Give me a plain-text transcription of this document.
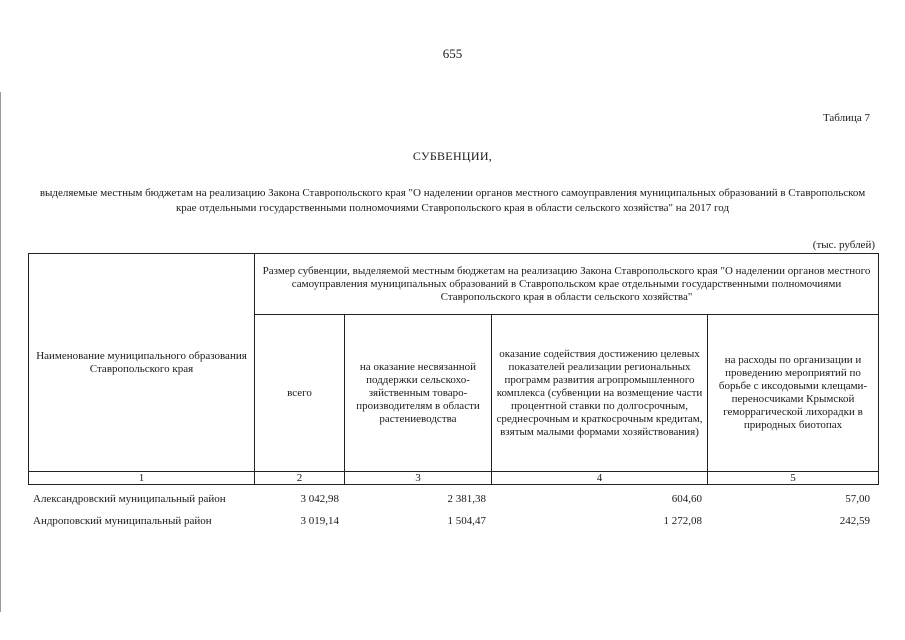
655
Таблица 7
СУБВЕНЦИИ,
выделяемые местным бюджетам на реализацию Закона Ставропольского края "О наделении органов местного самоуправления муниципальных образований в Ставропольском крае отдельными государственными полномочиями Ставропольского края в области сельского хозяйства" на 2017 год
(тыс. рублей)
Наименование муниципального образования Ставропольского края	Размер субвенции, выделяемой местным бюджетам на реализацию Закона Ставропольского края "О наделении органов местного самоуправления муниципальных образований в Ставропольском крае отдельными государственными полномочиями Ставропольского края в области сельского хозяйства"			
	всего	на оказание несвязанной поддержки сельскохо-зяйственным товаро-производителям в области растениеводства	оказание содействия достижению целевых показателей реализации региональных программ развития агропромышленного комплекса (субвенции на возмещение части процентной ставки по долгосрочным, среднесрочным и краткосрочным кредитам, взятым малыми формами хозяйствования)	на расходы по организации и проведению мероприятий по борьбе с иксодовыми клещами-переносчиками Крымской геморрагической лихорадки в природных биотопах
1	2	3	4	5
Александровский муниципальный район	3 042,98	2 381,38	604,60	57,00
Андроповский муниципальный район	3 019,14	1 504,47	1 272,08	242,59
